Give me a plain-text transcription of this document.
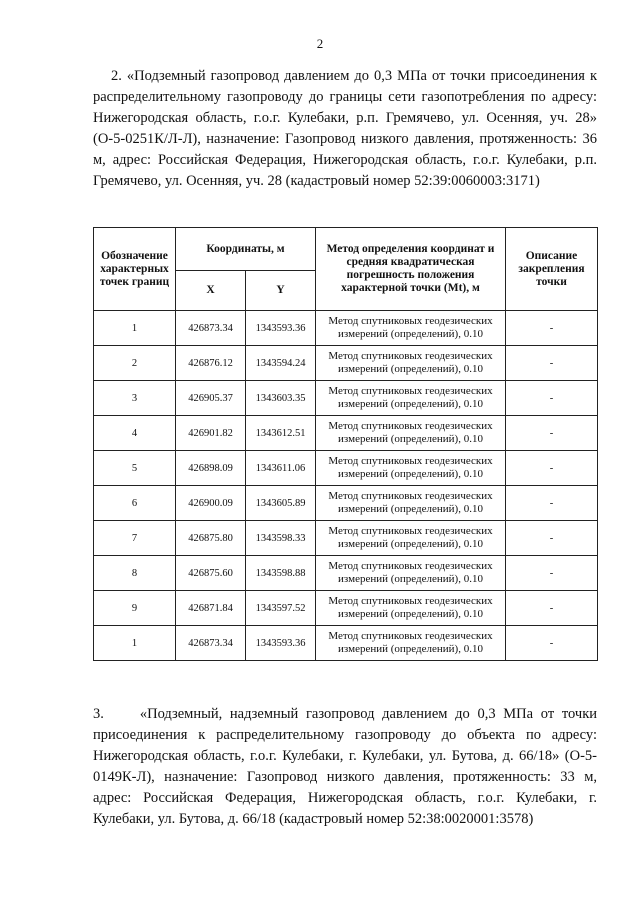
2

2. «Подземный газопровод давлением до 0,3 МПа от точки присоединения к распределительному газопроводу до границы сети газопотребления по адресу: Нижегородская область, г.о.г. Кулебаки, р.п. Гремячево, ул. Осенняя, уч. 28» (О-5-0251К/Л-Л), назначение: Газопровод низкого давления, протяженность: 36 м, адрес: Российская Федерация, Нижегородская область, г.о.г. Кулебаки, р.п. Гремячево, ул. Осенняя, уч. 28 (кадастровый номер 52:39:0060003:3171)

Обозначение характерных точек границ	Координаты, м		Метод определения координат и средняя квадратическая погрешность положения характерной точки (Mt), м	Описание закрепления точки
	X	Y		
1	426873.34	1343593.36	Метод спутниковых геодезических измерений (определений), 0.10	-
2	426876.12	1343594.24	Метод спутниковых геодезических измерений (определений), 0.10	-
3	426905.37	1343603.35	Метод спутниковых геодезических измерений (определений), 0.10	-
4	426901.82	1343612.51	Метод спутниковых геодезических измерений (определений), 0.10	-
5	426898.09	1343611.06	Метод спутниковых геодезических измерений (определений), 0.10	-
6	426900.09	1343605.89	Метод спутниковых геодезических измерений (определений), 0.10	-
7	426875.80	1343598.33	Метод спутниковых геодезических измерений (определений), 0.10	-
8	426875.60	1343598.88	Метод спутниковых геодезических измерений (определений), 0.10	-
9	426871.84	1343597.52	Метод спутниковых геодезических измерений (определений), 0.10	-
1	426873.34	1343593.36	Метод спутниковых геодезических измерений (определений), 0.10	-

3. «Подземный, надземный газопровод давлением до 0,3 МПа от точки присоединения к распределительному газопроводу до объекта по адресу: Нижегородская область, г.о.г. Кулебаки, г. Кулебаки, ул. Бутова, д. 66/18» (О-5-0149К-Л), назначение: Газопровод низкого давления, протяженность: 33 м, адрес: Российская Федерация, Нижегородская область, г.о.г. Кулебаки, г. Кулебаки, ул. Бутова, д. 66/18 (кадастровый номер 52:38:0020001:3578)
